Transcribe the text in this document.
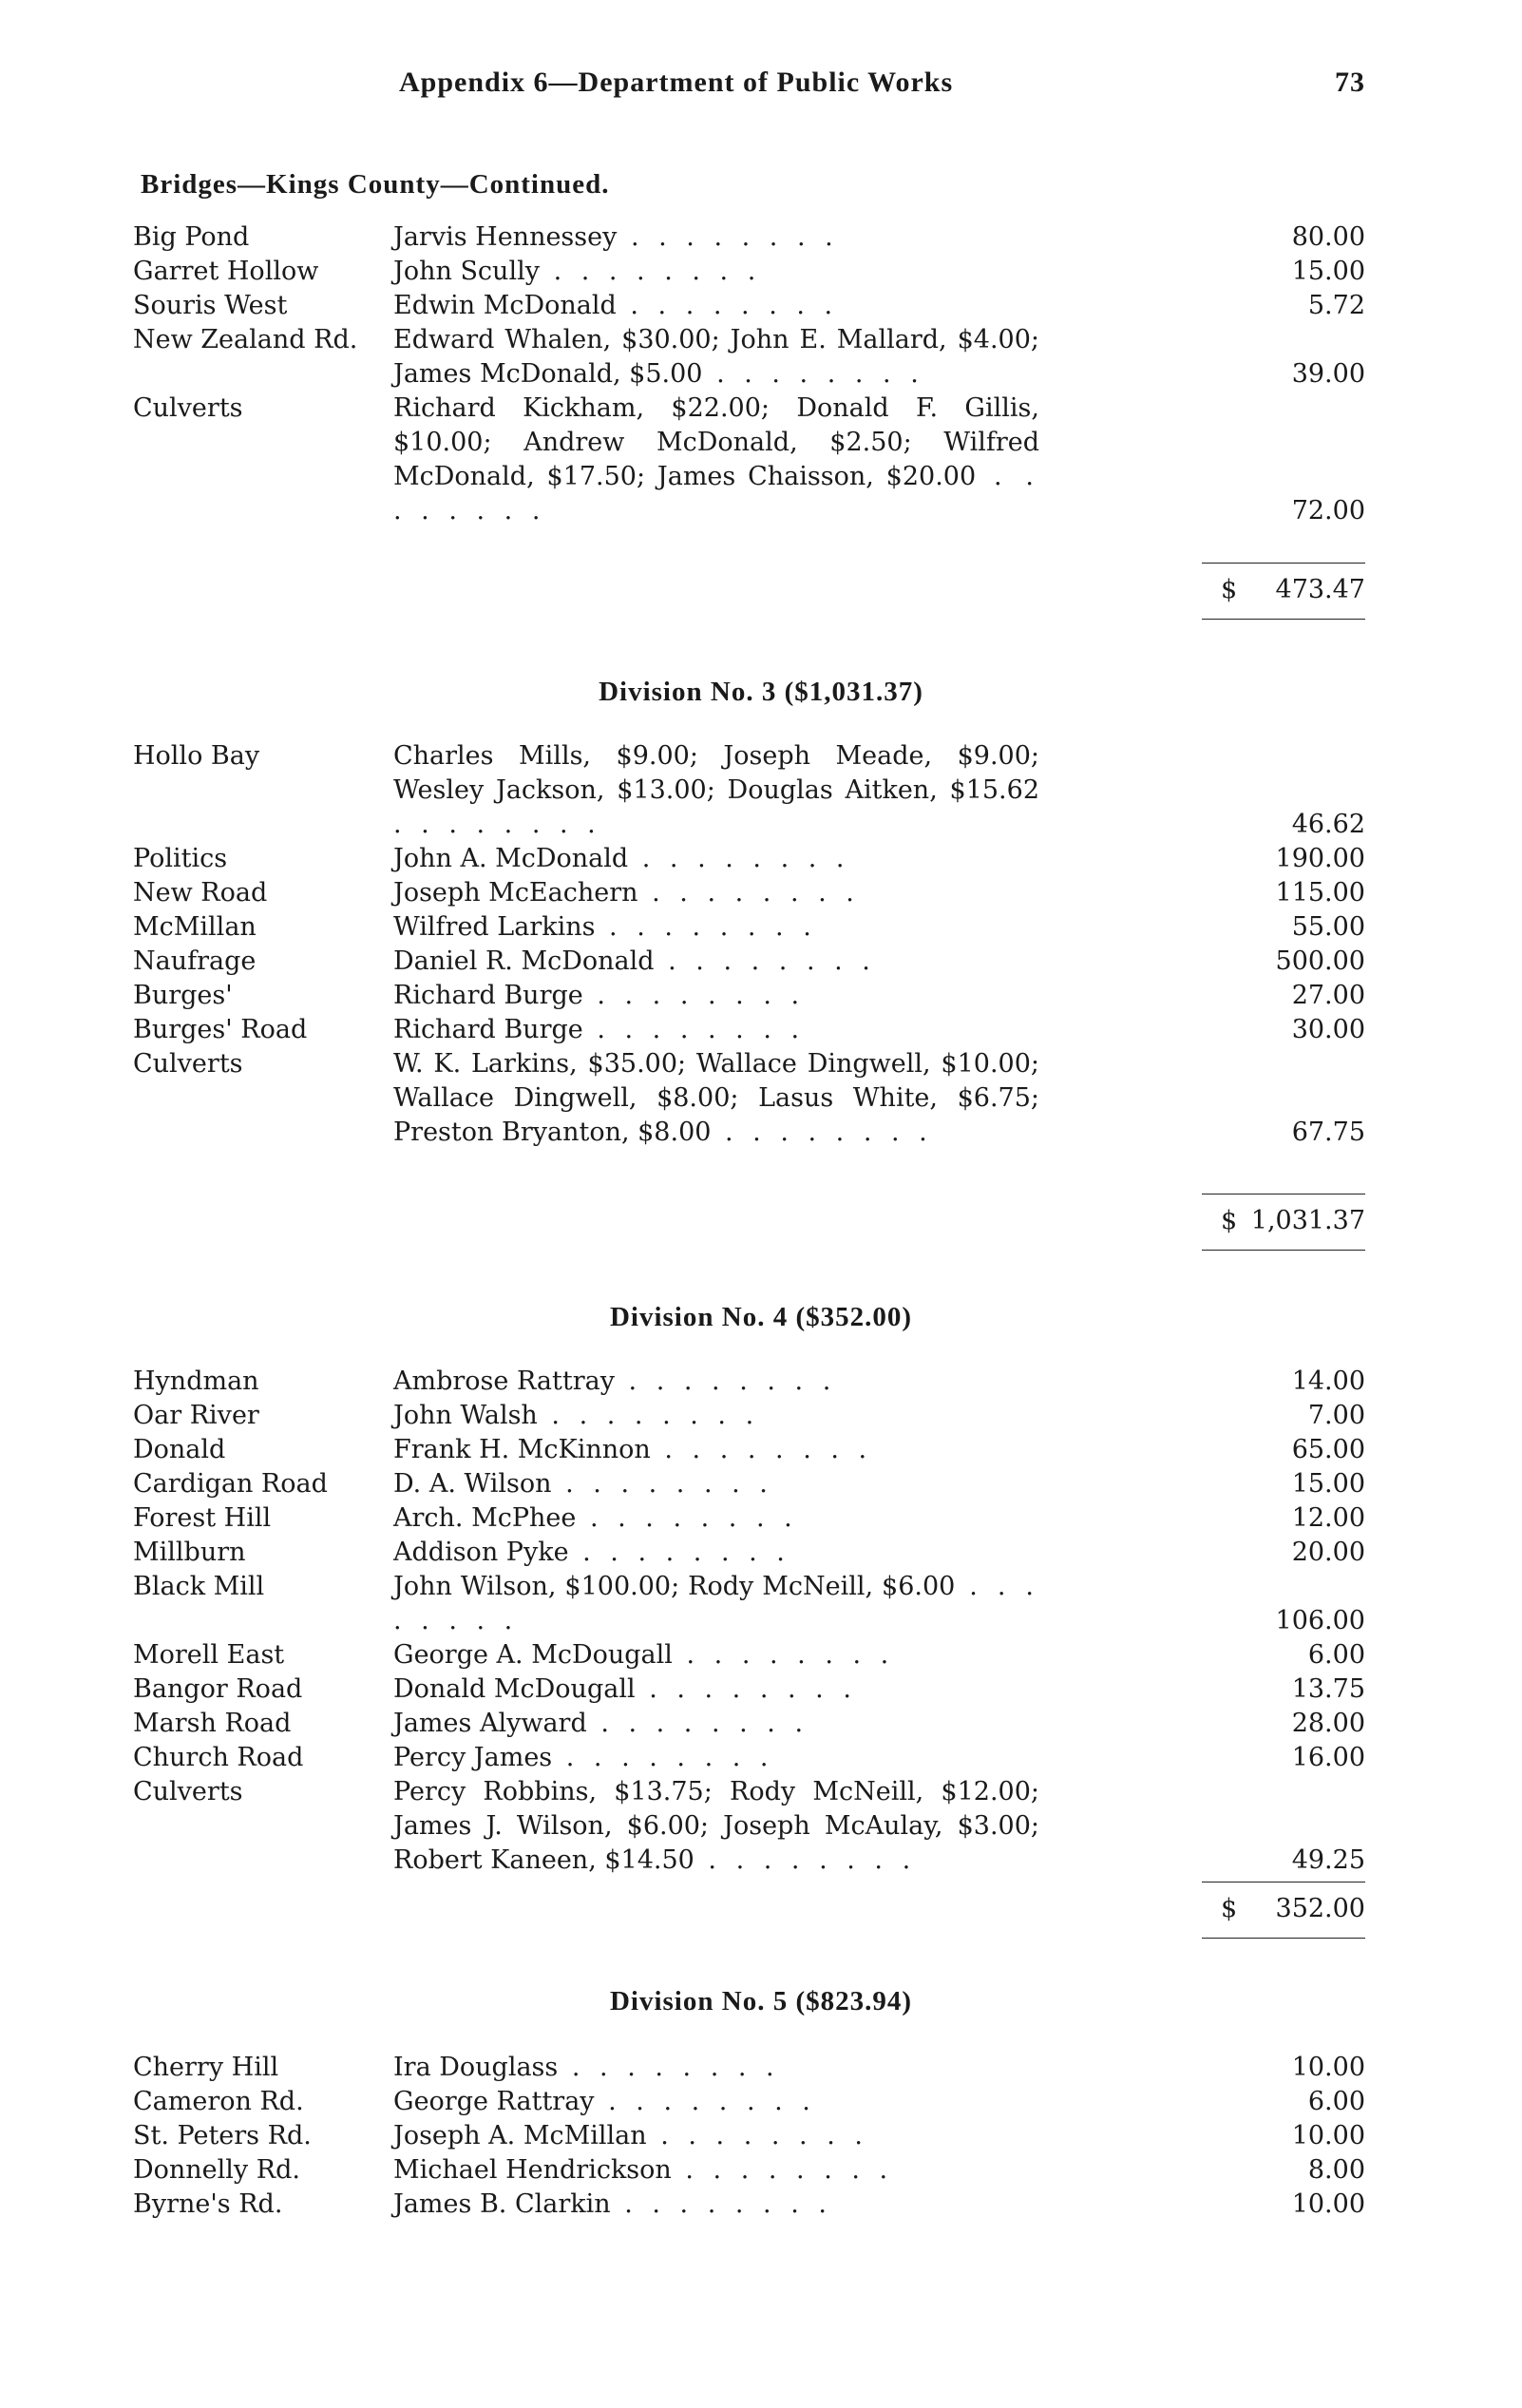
Appendix 6—Department of Public Works	73
Bridges—Kings County—Continued.
Big Pond	Jarvis Hennessey . . . . . . . .	80.00
Garret Hollow	John Scully . . . . . . . .	15.00
Souris West	Edwin McDonald . . . . . . . .	5.72
New Zealand Rd.	Edward Whalen, $30.00; John E. Mallard, $4.00; James McDonald, $5.00 . . . . . . . .	39.00
Culverts	Richard Kickham, $22.00; Donald F. Gillis, $10.00; Andrew McDonald, $2.50; Wilfred McDonald, $17.50; James Chaisson, $20.00 . . . . . . . .	72.00
$ 473.47
Division No. 3 ($1,031.37)
Hollo Bay	Charles Mills, $9.00; Joseph Meade, $9.00; Wesley Jackson, $13.00; Douglas Aitken, $15.62 . . . . . . . .	46.62
Politics	John A. McDonald . . . . . . . .	190.00
New Road	Joseph McEachern . . . . . . . .	115.00
McMillan	Wilfred Larkins . . . . . . . .	55.00
Naufrage	Daniel R. McDonald . . . . . . . .	500.00
Burges'	Richard Burge . . . . . . . .	27.00
Burges' Road	Richard Burge . . . . . . . .	30.00
Culverts	W. K. Larkins, $35.00; Wallace Dingwell, $10.00; Wallace Dingwell, $8.00; Lasus White, $6.75; Preston Bryanton, $8.00 . . . . . . . .	67.75
$ 1,031.37
Division No. 4 ($352.00)
Hyndman	Ambrose Rattray . . . . . . . .	14.00
Oar River	John Walsh . . . . . . . .	7.00
Donald	Frank H. McKinnon . . . . . . . .	65.00
Cardigan Road	D. A. Wilson . . . . . . . .	15.00
Forest Hill	Arch. McPhee . . . . . . . .	12.00
Millburn	Addison Pyke . . . . . . . .	20.00
Black Mill	John Wilson, $100.00; Rody McNeill, $6.00 . . . . . . . .	106.00
Morell East	George A. McDougall . . . . . . . .	6.00
Bangor Road	Donald McDougall . . . . . . . .	13.75
Marsh Road	James Alyward . . . . . . . .	28.00
Church Road	Percy James . . . . . . . .	16.00
Culverts	Percy Robbins, $13.75; Rody McNeill, $12.00; James J. Wilson, $6.00; Joseph McAulay, $3.00; Robert Kaneen, $14.50 . . . . . . . .	49.25
$ 352.00
Division No. 5 ($823.94)
Cherry Hill	Ira Douglass . . . . . . . .	10.00
Cameron Rd.	George Rattray . . . . . . . .	6.00
St. Peters Rd.	Joseph A. McMillan . . . . . . . .	10.00
Donnelly Rd.	Michael Hendrickson . . . . . . . .	8.00
Byrne's Rd.	James B. Clarkin . . . . . . . .	10.00
